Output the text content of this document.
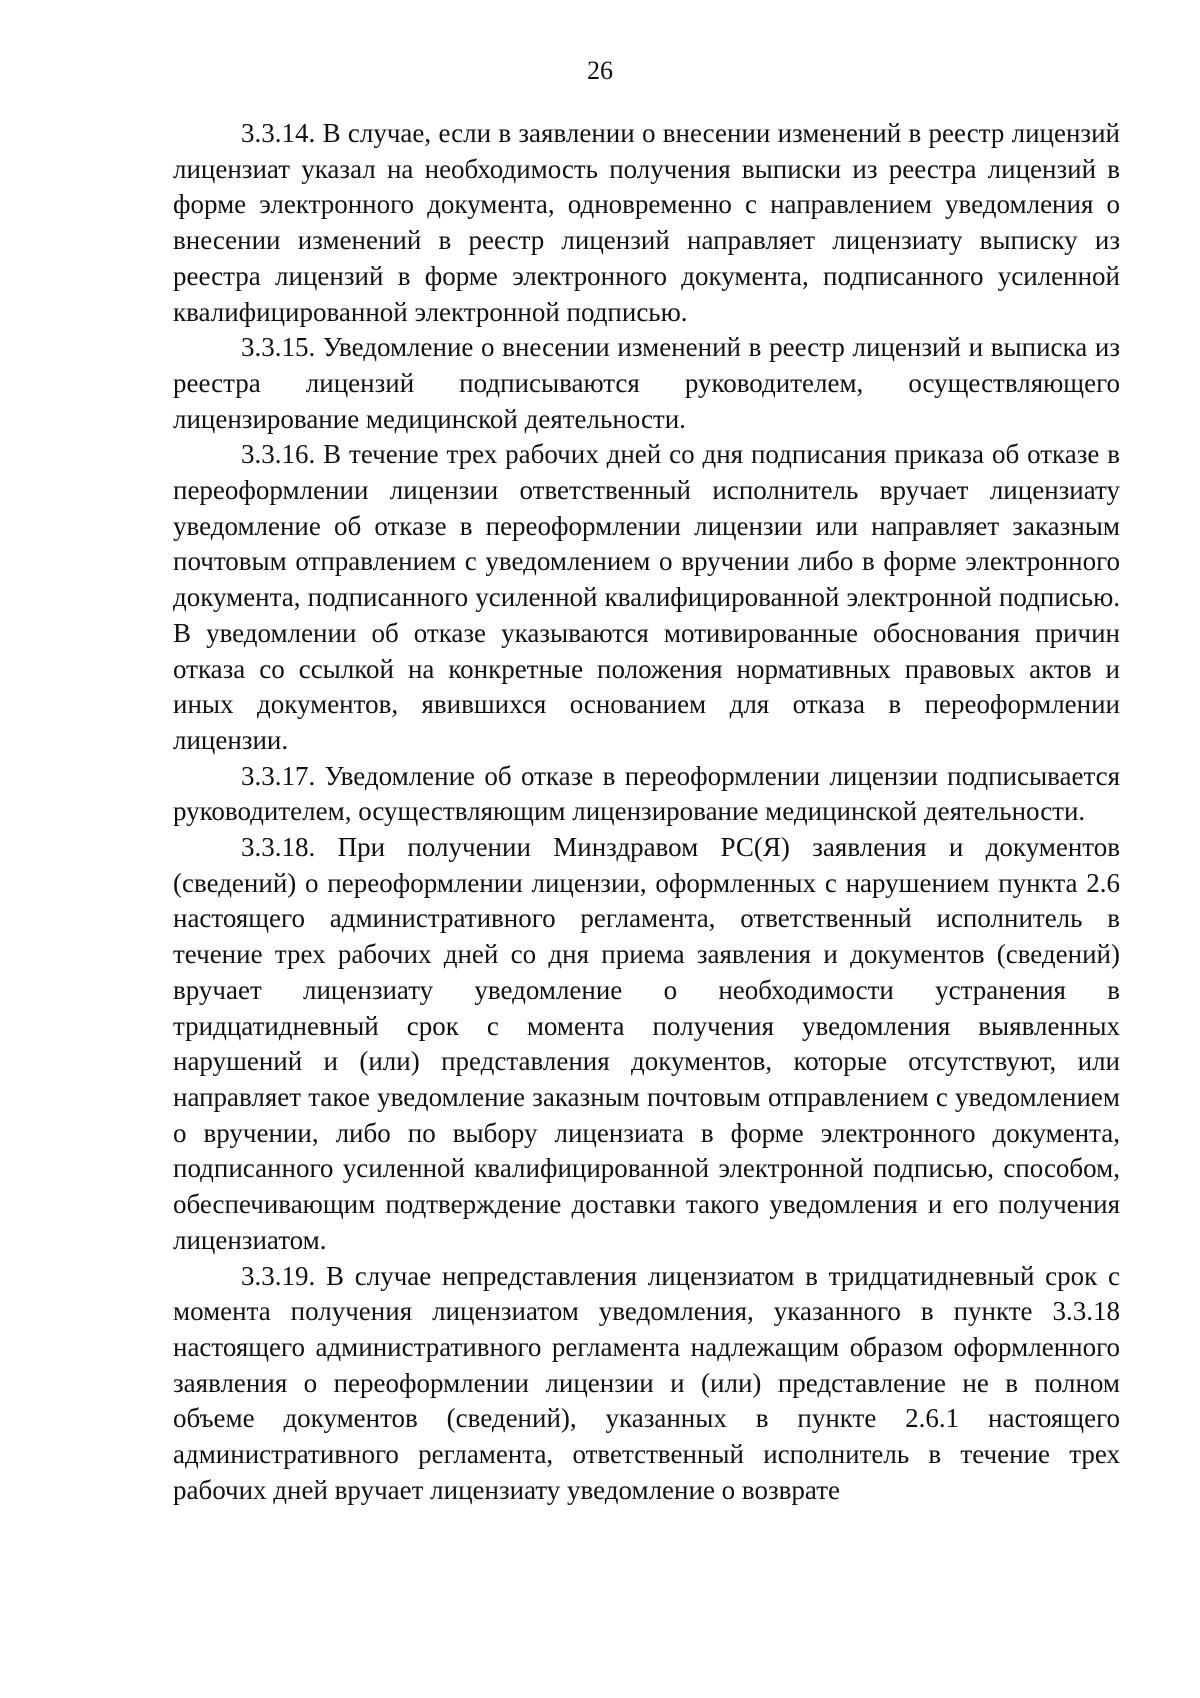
26

3.3.14. В случае, если в заявлении о внесении изменений в реестр лицензий лицензиат указал на необходимость получения выписки из реестра лицензий в форме электронного документа, одновременно с направлением уведомления о внесении изменений в реестр лицензий направляет лицензиату выписку из реестра лицензий в форме электронного документа, подписанного усиленной квалифицированной электронной подписью.

3.3.15. Уведомление о внесении изменений в реестр лицензий и выписка из реестра лицензий подписываются руководителем, осуществляющего лицензирование медицинской деятельности.

3.3.16. В течение трех рабочих дней со дня подписания приказа об отказе в переоформлении лицензии ответственный исполнитель вручает лицензиату уведомление об отказе в переоформлении лицензии или направляет заказным почтовым отправлением с уведомлением о вручении либо в форме электронного документа, подписанного усиленной квалифицированной электронной подписью. В уведомлении об отказе указываются мотивированные обоснования причин отказа со ссылкой на конкретные положения нормативных правовых актов и иных документов, явившихся основанием для отказа в переоформлении лицензии.

3.3.17. Уведомление об отказе в переоформлении лицензии подписывается руководителем, осуществляющим лицензирование медицинской деятельности.

3.3.18. При получении Минздравом РС(Я) заявления и документов (сведений) о переоформлении лицензии, оформленных с нарушением пункта 2.6 настоящего административного регламента, ответственный исполнитель в течение трех рабочих дней со дня приема заявления и документов (сведений) вручает лицензиату уведомление о необходимости устранения в тридцатидневный срок с момента получения уведомления выявленных нарушений и (или) представления документов, которые отсутствуют, или направляет такое уведомление заказным почтовым отправлением с уведомлением о вручении, либо по выбору лицензиата в форме электронного документа, подписанного усиленной квалифицированной электронной подписью, способом, обеспечивающим подтверждение доставки такого уведомления и его получения лицензиатом.

3.3.19. В случае непредставления лицензиатом в тридцатидневный срок с момента получения лицензиатом уведомления, указанного в пункте 3.3.18 настоящего административного регламента надлежащим образом оформленного заявления о переоформлении лицензии и (или) представление не в полном объеме документов (сведений), указанных в пункте 2.6.1 настоящего административного регламента, ответственный исполнитель в течение трех рабочих дней вручает лицензиату уведомление о возврате
